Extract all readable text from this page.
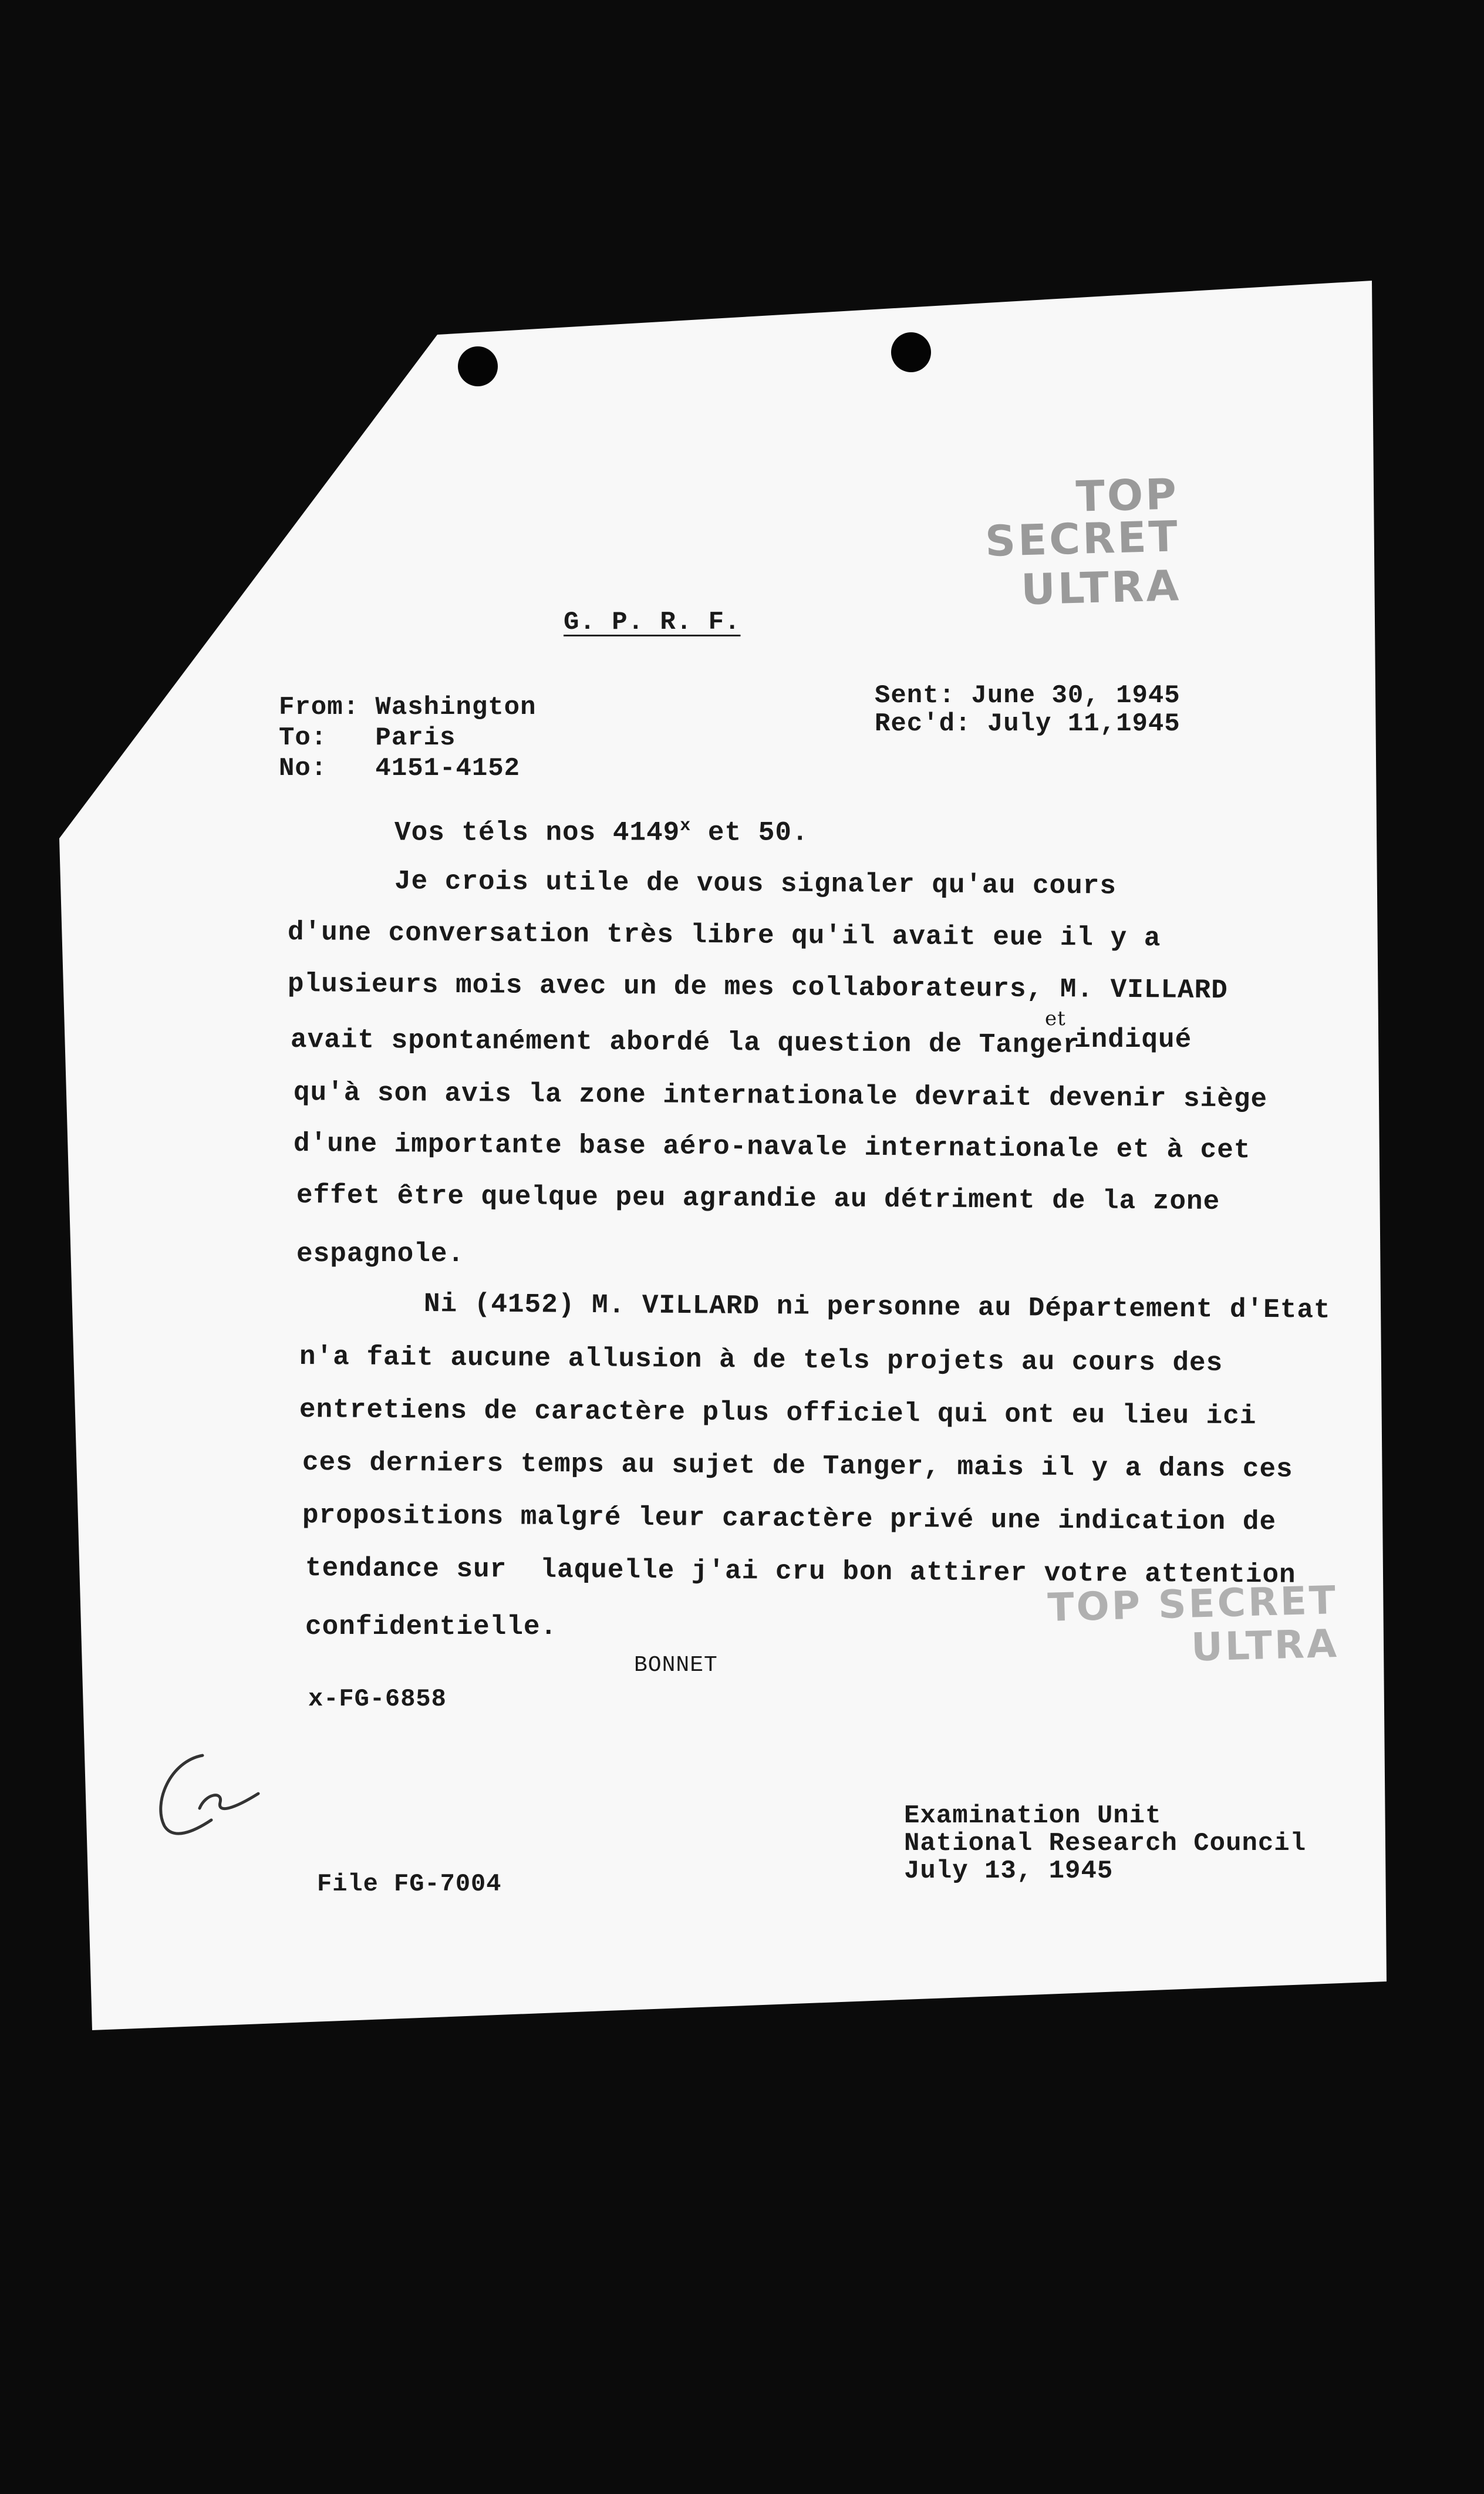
TOP SECRET
ULTRA
G. P. R. F.
From: Washington
To:   Paris
No:   4151-4152
Sent: June 30, 1945
Rec'd: July 11,1945
Vos téls nos 4149$^x$ et 50.
Je crois utile de vous signaler qu'au cours
d'une conversation très libre qu'il avait eue il y a
plusieurs mois avec un de mes collaborateurs, M. VILLARD
avait spontanément abordé la question de Tanger
et
indiqué
qu'à son avis la zone internationale devrait devenir siège
d'une importante base aéro-navale internationale et à cet
effet être quelque peu agrandie au détriment de la zone
espagnole.
Ni (4152) M. VILLARD ni personne au Département d'Etat
n'a fait aucune allusion à de tels projets au cours des
entretiens de caractère plus officiel qui ont eu lieu ici
ces derniers temps au sujet de Tanger, mais il y a dans ces
propositions malgré leur caractère privé une indication de
tendance sur  laquelle j'ai cru bon attirer votre attention
confidentielle.	TOP SECRET
ULTRA
BONNET
x-FG-6858
File FG-7004
Examination Unit
National Research Council
July 13, 1945
